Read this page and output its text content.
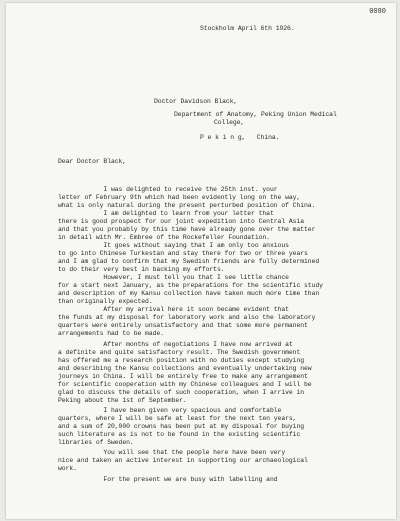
0080
Stockholm April 6th 1926.
Doctor Davidson Black,
Department of Anatomy, Peking Union Medical
College,
P e k i n g,   China.
Dear Doctor Black,
I was delighted to receive the 25th inst. your
letter of February 9th which had been evidently long on the way,
what is only natural during the present perturbed position of China.
I am delighted to learn from your letter that
there is good prospect for our joint expedition into Central Asia
and that you probably by this time have already gone over the matter
in detail with Mr. Embree of the Rockefeller Foundation.
It goes without saying that I am only too anxious
to go into Chinese Turkestan and stay there for two or three years
and I am glad to confirm that my Swedish friends are fully determined
to do their very best in backing my efforts.
However, I must tell you that I see little chance
for a start next January, as the preparations for the scientific study
and description of my Kansu collection have taken much more time than
than originally expected.
After my arrival here it soon became evident that
the funds at my disposal for laboratory work and also the laboratory
quarters were entirely unsatisfactory and that some more permanent
arrangements had to be made.
After months of negotiations I have now arrived at
a definite and quite satisfactory result. The Swedish government
has offered me a research position with no duties except studying
and describing the Kansu collections and eventually undertaking new
journeys in China. I will be entirely free to make any arrangement
for scientific cooperation with my Chinese colleagues and I will be
glad to discuss the details of such cooperation, when I arrive in
Peking about the 1st of September.
I have been given very spacious and comfortable
quarters, where I will be safe at least for the next ten years,
and a sum of 20,000 crowns has been put at my disposal for buying
such literature as is not to be found in the existing scientific
libraries of Sweden.
You will see that the people here have been very
nice and taken an active interest in supporting our archaeological
work.
For the present we are busy with labelling and
